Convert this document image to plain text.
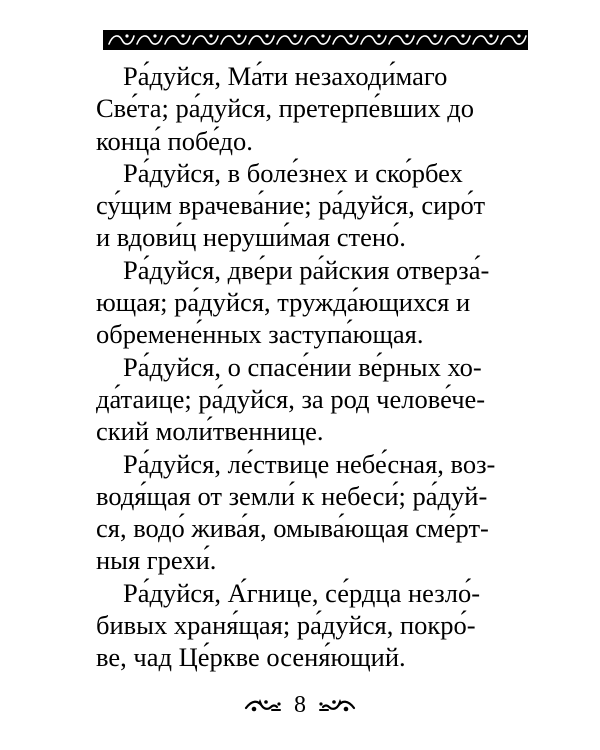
Ра́дуйся, Ма́ти незаходи́маго
Све́та; ра́дуйся, претерпе́вших до
конца́ побе́до.

Ра́дуйся, в боле́знех и ско́рбех
су́щим врачева́ние; ра́дуйся, сиро́т
и вдови́ц неруши́мая стено́.

Ра́дуйся, две́ри ра́йския отверза́-
ющая; ра́дуйся, тружда́ющихся и
обремене́нных заступа́ющая.

Ра́дуйся, о спасе́нии ве́рных хо-
да́таице; ра́дуйся, за род челове́че-
ский моли́твеннице.

Ра́дуйся, ле́ствице небе́сная, воз-
водя́щая от земли́ к небеси́; ра́дуй-
ся, водо́ жива́я, омыва́ющая сме́рт-
ныя грехи́.

Ра́дуйся, А́гнице, се́рдца незло́-
бивых храня́щая; ра́дуйся, покро́-
ве, чад Це́ркве осеня́ющий.

8
